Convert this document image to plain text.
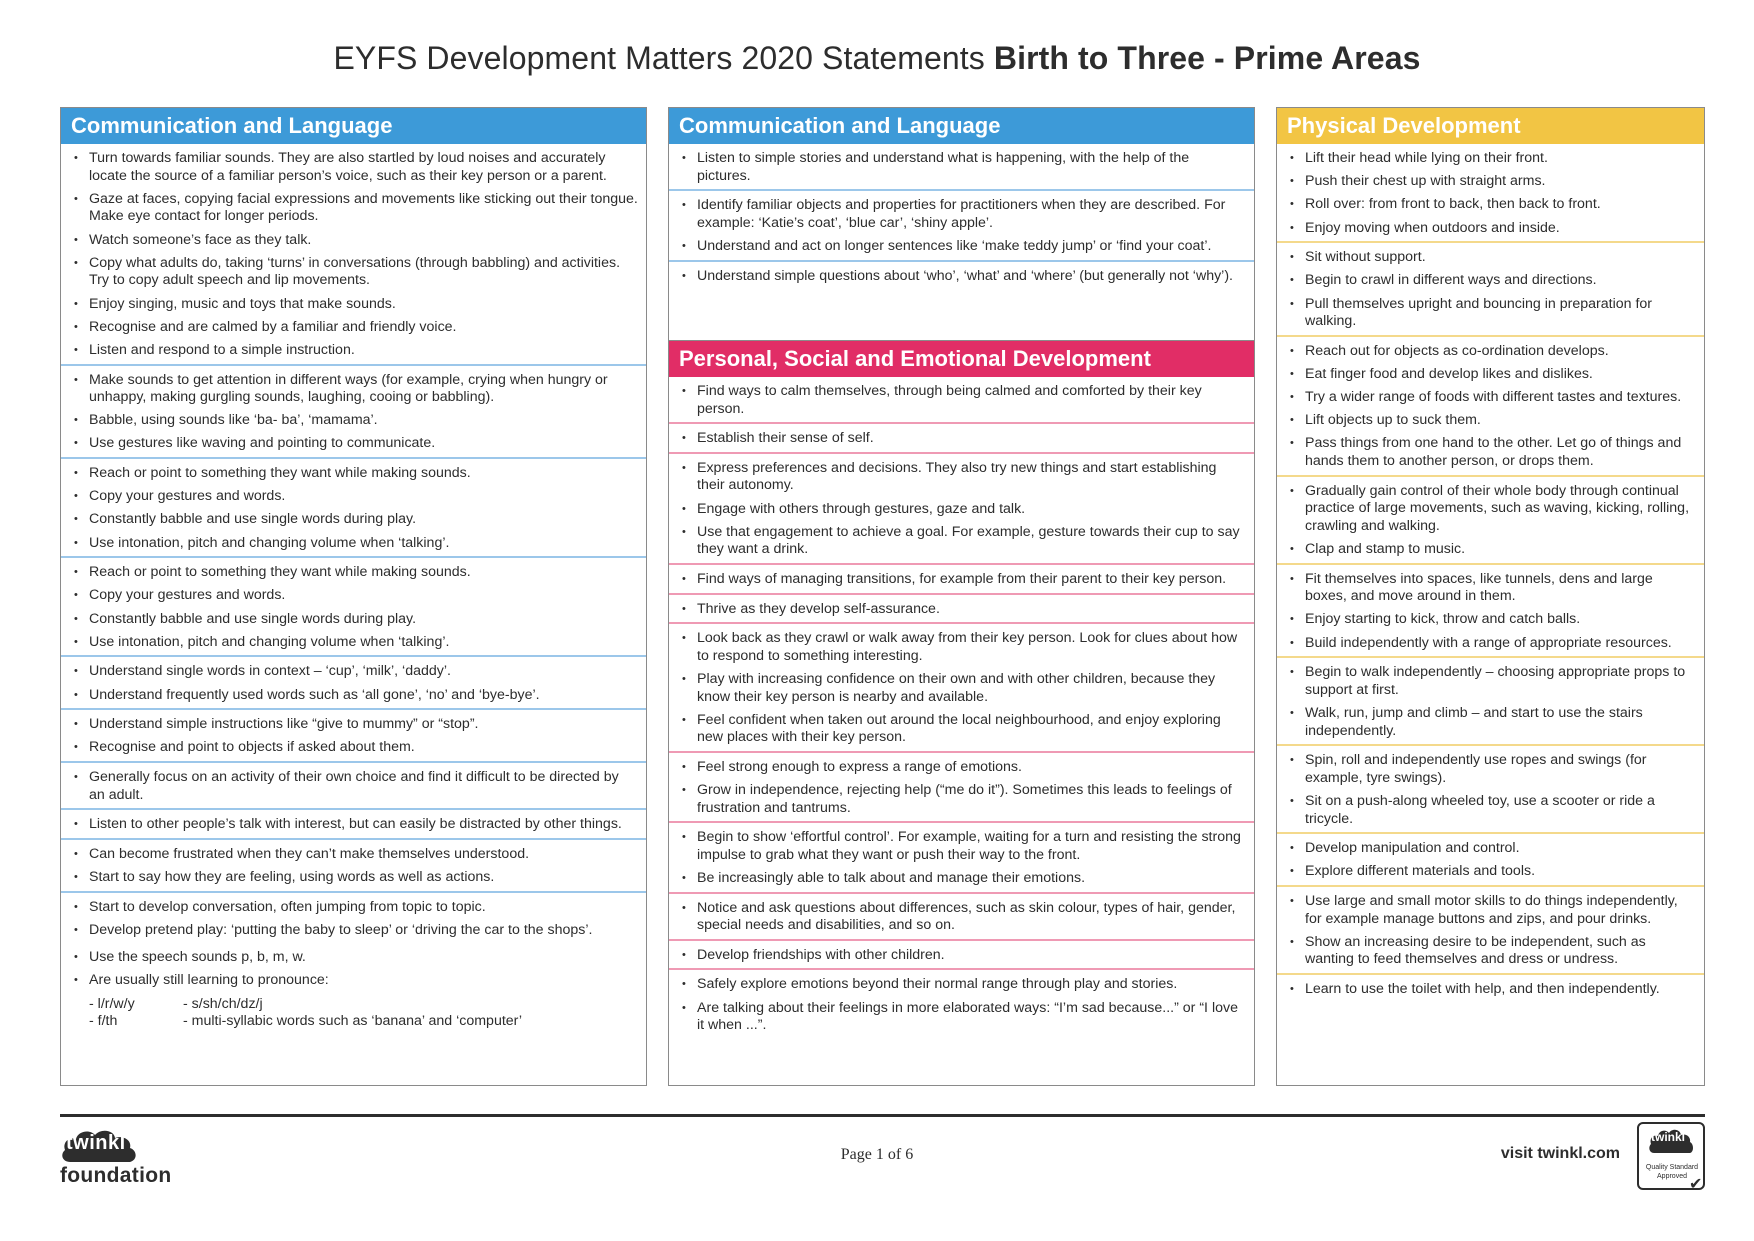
EYFS Development Matters 2020 Statements Birth to Three - Prime Areas
Communication and Language
• Turn towards familiar sounds. They are also startled by loud noises and accurately locate the source of a familiar person’s voice, such as their key person or a parent.
• Gaze at faces, copying facial expressions and movements like sticking out their tongue. Make eye contact for longer periods.
• Watch someone’s face as they talk.
• Copy what adults do, taking ‘turns’ in conversations (through babbling) and activities. Try to copy adult speech and lip movements.
• Enjoy singing, music and toys that make sounds.
• Recognise and are calmed by a familiar and friendly voice.
• Listen and respond to a simple instruction.
• Make sounds to get attention in different ways (for example, crying when hungry or unhappy, making gurgling sounds, laughing, cooing or babbling).
• Babble, using sounds like ‘ba- ba’, ‘mamama’.
• Use gestures like waving and pointing to communicate.
• Reach or point to something they want while making sounds.
• Copy your gestures and words.
• Constantly babble and use single words during play.
• Use intonation, pitch and changing volume when ‘talking’.
• Reach or point to something they want while making sounds.
• Copy your gestures and words.
• Constantly babble and use single words during play.
• Use intonation, pitch and changing volume when ‘talking’.
• Understand single words in context – ‘cup’, ‘milk’, ‘daddy’.
• Understand frequently used words such as ‘all gone’, ‘no’ and ‘bye-bye’.
• Understand simple instructions like “give to mummy” or “stop”.
• Recognise and point to objects if asked about them.
• Generally focus on an activity of their own choice and find it difficult to be directed by an adult.
• Listen to other people’s talk with interest, but can easily be distracted by other things.
• Can become frustrated when they can’t make themselves understood.
• Start to say how they are feeling, using words as well as actions.
• Start to develop conversation, often jumping from topic to topic.
• Develop pretend play: ‘putting the baby to sleep’ or ‘driving the car to the shops’.
• Use the speech sounds p, b, m, w.
• Are usually still learning to pronounce:
- l/r/w/y	- s/sh/ch/dz/j
- f/th	- multi-syllabic words such as ‘banana’ and ‘computer’
Communication and Language
• Listen to simple stories and understand what is happening, with the help of the pictures.
• Identify familiar objects and properties for practitioners when they are described. For example: ‘Katie’s coat’, ‘blue car’, ‘shiny apple’.
• Understand and act on longer sentences like ‘make teddy jump’ or ‘find your coat’.
• Understand simple questions about ‘who’, ‘what’ and ‘where’ (but generally not ‘why’).
Personal, Social and Emotional Development
• Find ways to calm themselves, through being calmed and comforted by their key person.
• Establish their sense of self.
• Express preferences and decisions. They also try new things and start establishing their autonomy.
• Engage with others through gestures, gaze and talk.
• Use that engagement to achieve a goal. For example, gesture towards their cup to say they want a drink.
• Find ways of managing transitions, for example from their parent to their key person.
• Thrive as they develop self-assurance.
• Look back as they crawl or walk away from their key person. Look for clues about how to respond to something interesting.
• Play with increasing confidence on their own and with other children, because they know their key person is nearby and available.
• Feel confident when taken out around the local neighbourhood, and enjoy exploring new places with their key person.
• Feel strong enough to express a range of emotions.
• Grow in independence, rejecting help (“me do it”). Sometimes this leads to feelings of frustration and tantrums.
• Begin to show ‘effortful control’. For example, waiting for a turn and resisting the strong impulse to grab what they want or push their way to the front.
• Be increasingly able to talk about and manage their emotions.
• Notice and ask questions about differences, such as skin colour, types of hair, gender, special needs and disabilities, and so on.
• Develop friendships with other children.
• Safely explore emotions beyond their normal range through play and stories.
• Are talking about their feelings in more elaborated ways: “I’m sad because...” or “I love it when ...”.
Physical Development
• Lift their head while lying on their front.
• Push their chest up with straight arms.
• Roll over: from front to back, then back to front.
• Enjoy moving when outdoors and inside.
• Sit without support.
• Begin to crawl in different ways and directions.
• Pull themselves upright and bouncing in preparation for walking.
• Reach out for objects as co-ordination develops.
• Eat finger food and develop likes and dislikes.
• Try a wider range of foods with different tastes and textures.
• Lift objects up to suck them.
• Pass things from one hand to the other. Let go of things and hands them to another person, or drops them.
• Gradually gain control of their whole body through continual practice of large movements, such as waving, kicking, rolling, crawling and walking.
• Clap and stamp to music.
• Fit themselves into spaces, like tunnels, dens and large boxes, and move around in them.
• Enjoy starting to kick, throw and catch balls.
• Build independently with a range of appropriate resources.
• Begin to walk independently – choosing appropriate props to support at first.
• Walk, run, jump and climb – and start to use the stairs independently.
• Spin, roll and independently use ropes and swings (for example, tyre swings).
• Sit on a push-along wheeled toy, use a scooter or ride a tricycle.
• Develop manipulation and control.
• Explore different materials and tools.
• Use large and small motor skills to do things independently, for example manage buttons and zips, and pour drinks.
• Show an increasing desire to be independent, such as wanting to feed themselves and dress or undress.
• Learn to use the toilet with help, and then independently.
twinkl
foundation
Page 1 of 6	visit twinkl.com
twinkl
Quality Standard
Approved ✔
